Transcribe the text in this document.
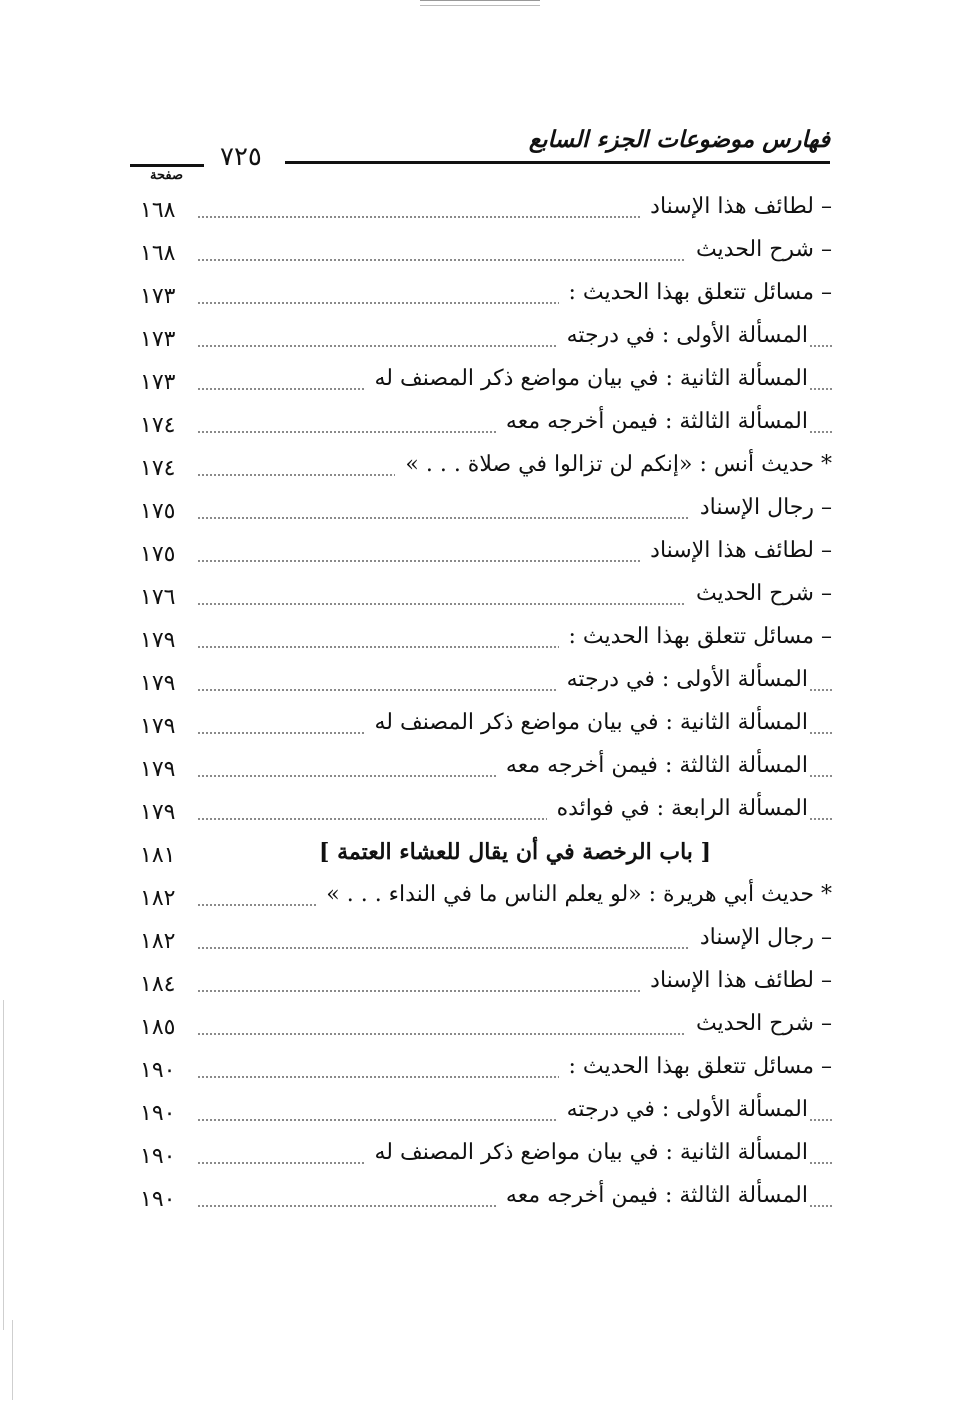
فهارس موضوعات الجزء السابع
٧٢٥
صفحة
١٦٨	– لطائف هذا الإسناد
١٦٨	– شرح الحديث
١٧٣	– مسائل تتعلق بهذا الحديث :
١٧٣	المسألة الأولى : في درجته
١٧٣	المسألة الثانية : في بيان مواضع ذكر المصنف له
١٧٤	المسألة الثالثة : فيمن أخرجه معه
١٧٤	* حديث أنس : «إنكم لن تزالوا في صلاة . . . »
١٧٥	– رجال الإسناد
١٧٥	– لطائف هذا الإسناد
١٧٦	– شرح الحديث
١٧٩	– مسائل تتعلق بهذا الحديث :
١٧٩	المسألة الأولى : في درجته
١٧٩	المسألة الثانية : في بيان مواضع ذكر المصنف له
١٧٩	المسألة الثالثة : فيمن أخرجه معه
١٧٩	المسألة الرابعة : في فوائده
١٨١	[ باب الرخصة في أن يقال للعشاء العتمة ]
١٨٢	* حديث أبي هريرة : «لو يعلم الناس ما في النداء . . . »
١٨٢	– رجال الإسناد
١٨٤	– لطائف هذا الإسناد
١٨٥	– شرح الحديث
١٩٠	– مسائل تتعلق بهذا الحديث :
١٩٠	المسألة الأولى : في درجته
١٩٠	المسألة الثانية : في بيان مواضع ذكر المصنف له
١٩٠	المسألة الثالثة : فيمن أخرجه معه
